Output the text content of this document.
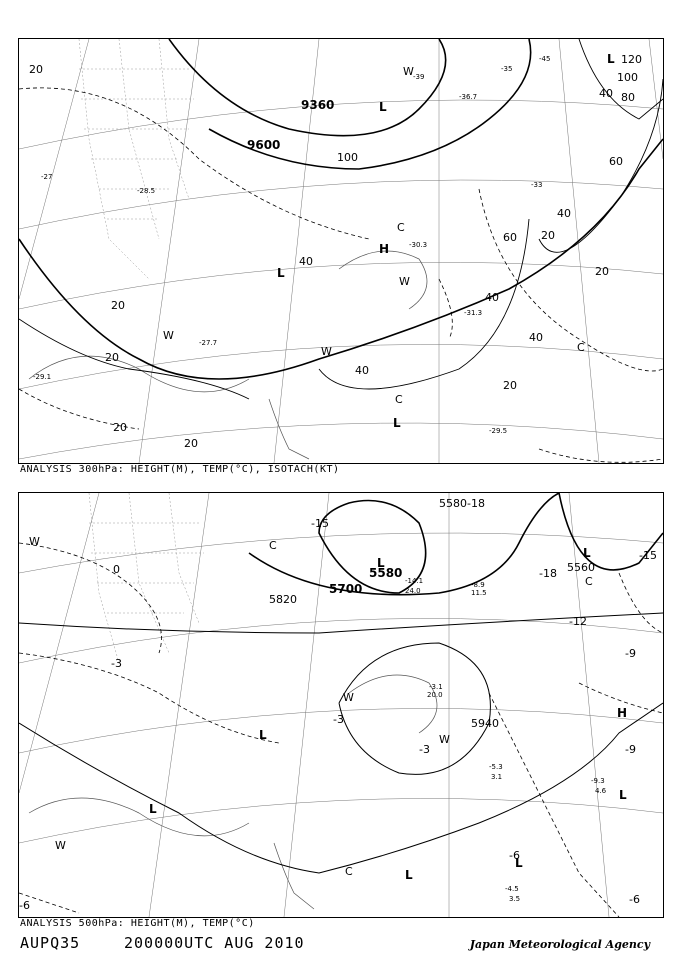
9360
9600
20
20
20
20
20
20
20
20
40
40
40
40
40
40
60
60
80
100
100
120
-27
-28.5
-29.1
-30.3
-31.3
-33
-35
-39
-45
-36.7
-27.7
-29.5
L
L
L
L
H
W
W
W
W
C
C
C
ANALYSIS 300hPa: HEIGHT(M), TEMP(°C), ISOTACH(KT)
5580
5580-18
5700
5820
5940
5560
0
-3
-3
-3
-6
-6	-6
-9
-9
-12
-15
-15
-18
-4.5
3.5
-5.3
3.1	-9.3
4.6
-3.1
20.0
-8.9
11.5
-14.1
24.0
L
L
L
L
L
L
L
H
W
W
W
W
C
C
C
ANALYSIS 500hPa: HEIGHT(M), TEMP(°C)
AUPQ35	200000UTC AUG 2010	Japan Meteorological Agency
